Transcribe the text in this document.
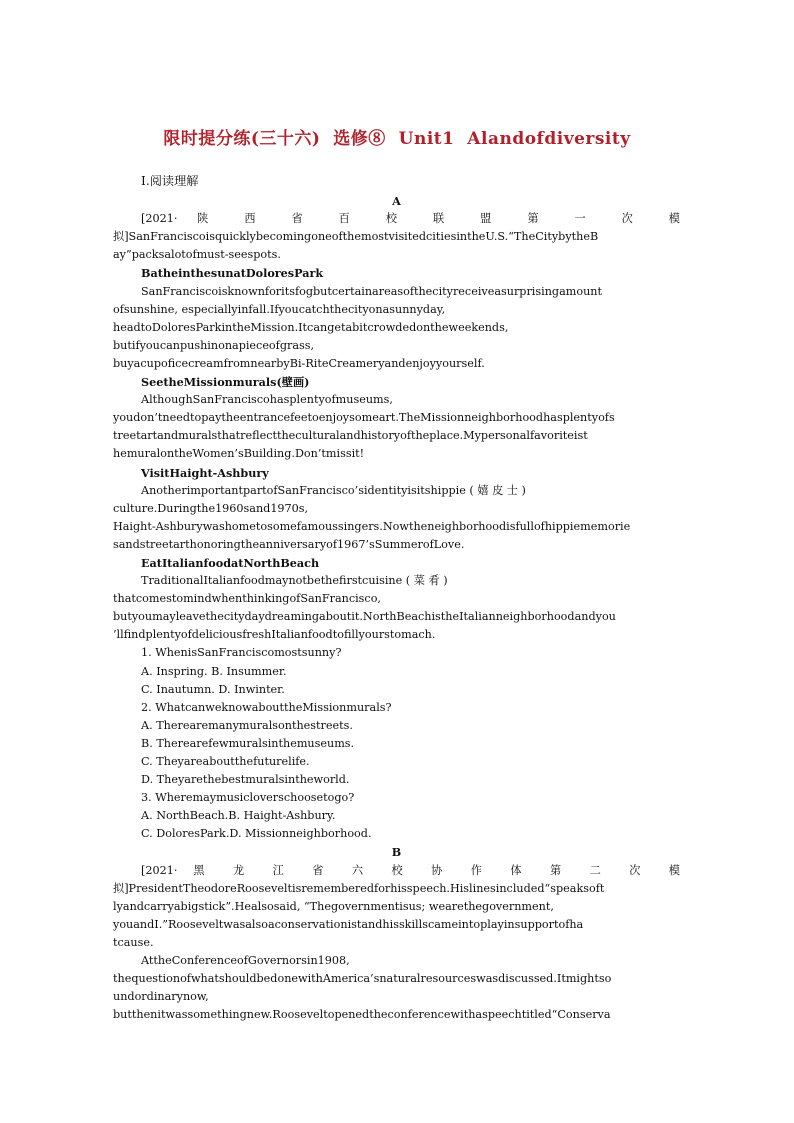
限时提分练(三十六)  选修⑧  Unit1  Alandofdiversity
Ⅰ.阅读理解
A
[2021· 陕 西 省 百 校 联 盟 第 一 次 模
拟]SanFranciscoisquicklybecomingoneofthemostvisitedcitiesintheU.S.“TheCitybytheB
ay”packsalotofmust-seespots.
BatheinthesunatDoloresPark
SanFranciscoisknownforitsfogbutcertainareasofthecityreceiveasurprisingamount
ofsunshine, especiallyinfall.Ifyoucatchthecityonasunnyday,
headtoDoloresParkintheMission.Itcangetabitcrowdedontheweekends,
butifyoucanpushinonapieceofgrass,
buyacupoficecreamfromnearbyBi-RiteCreameryandenjoyyourself.
SeetheMissionmurals(壁画)
AlthoughSanFranciscohasplentyofmuseums,
youdon’tneedtopaytheentrancefeetoenjoysomeart.TheMissionneighborhoodhasplentyofs
treetartandmuralsthatreflecttheculturalandhistoryoftheplace.Mypersonalfavoriteist
hemuralontheWomen’sBuilding.Don’tmissit!
VisitHaight-Ashbury
AnotherimportantpartofSanFrancisco’sidentityisitshippie ( 嬉 皮 士 )
culture.Duringthe1960sand1970s,
Haight-Ashburywashometosomefamoussingers.Nowtheneighborhoodisfullofhippiememorie
sandstreetarthonoringtheanniversaryof1967’sSummerofLove.
EatItalianfoodatNorthBeach
TraditionalItalianfoodmaynotbethefirstcuisine ( 菜 肴 )
thatcomestomindwhenthinkingofSanFrancisco,
butyoumayleavethecitydaydreamingaboutit.NorthBeachistheItalianneighborhoodandyou
’llfindplentyofdeliciousfreshItalianfoodtofillyourstomach.
1. WhenisSanFranciscomostsunny?
A. Inspring. B. Insummer.
C. Inautumn. D. Inwinter.
2. WhatcanweknowabouttheMissionmurals?
A. Therearemanymuralsonthestreets.
B. Therearefewmuralsinthemuseums.
C. Theyareaboutthefuturelife.
D. Theyarethebestmuralsintheworld.
3. Wheremaymusicloverschoosetogo?
A. NorthBeach.B. Haight-Ashbury.
C. DoloresPark.D. Missionneighborhood.
B
[2021· 黑 龙 江 省 六 校 协 作 体 第 二 次 模
拟]PresidentTheodoreRooseveltisrememberedforhisspeech.Hislinesincluded“speaksoft
lyandcarryabigstick”.Healsosaid, “Thegovernmentisus; wearethegovernment,
youandI.”Rooseveltwasalsoaconservationistandhisskillscameintoplayinsupportofha
tcause.
AttheConferenceofGovernorsin1908,
thequestionofwhatshouldbedonewithAmerica’snaturalresourceswasdiscussed.Itmightso
undordinarynow,
butthenitwassomethingnew.Rooseveltopenedtheconferencewithaspeechtitled“Conserva
